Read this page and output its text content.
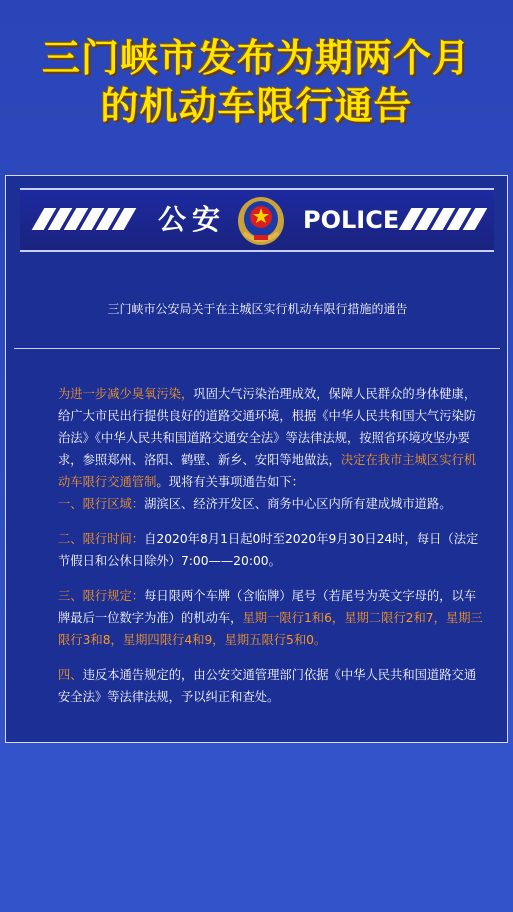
三门峡市发布为期两个月
的机动车限行通告
公安	POLICE
三门峡市公安局关于在主城区实行机动车限行措施的通告

为进一步减少臭氧污染，巩固大气污染治理成效，保障人民群众的身体健康，给广大市民出行提供良好的道路交通环境，根据《中华人民共和国大气污染防治法》《中华人民共和国道路交通安全法》等法律法规，按照省环境攻坚办要求，参照郑州、洛阳、鹤壁、新乡、安阳等地做法，决定在我市主城区实行机动车限行交通管制。现将有关事项通告如下：

一、限行区域：湖滨区、经济开发区、商务中心区内所有建成城市道路。

二、限行时间：自2020年8月1日起0时至2020年9月30日24时，每日（法定节假日和公休日除外）7:00——20:00。

三、限行规定：每日限两个车牌（含临牌）尾号（若尾号为英文字母的，以车牌最后一位数字为准）的机动车，星期一限行1和6，星期二限行2和7，星期三限行3和8，星期四限行4和9，星期五限行5和0。

四、违反本通告规定的，由公安交通管理部门依据《中华人民共和国道路交通安全法》等法律法规，予以纠正和查处。
